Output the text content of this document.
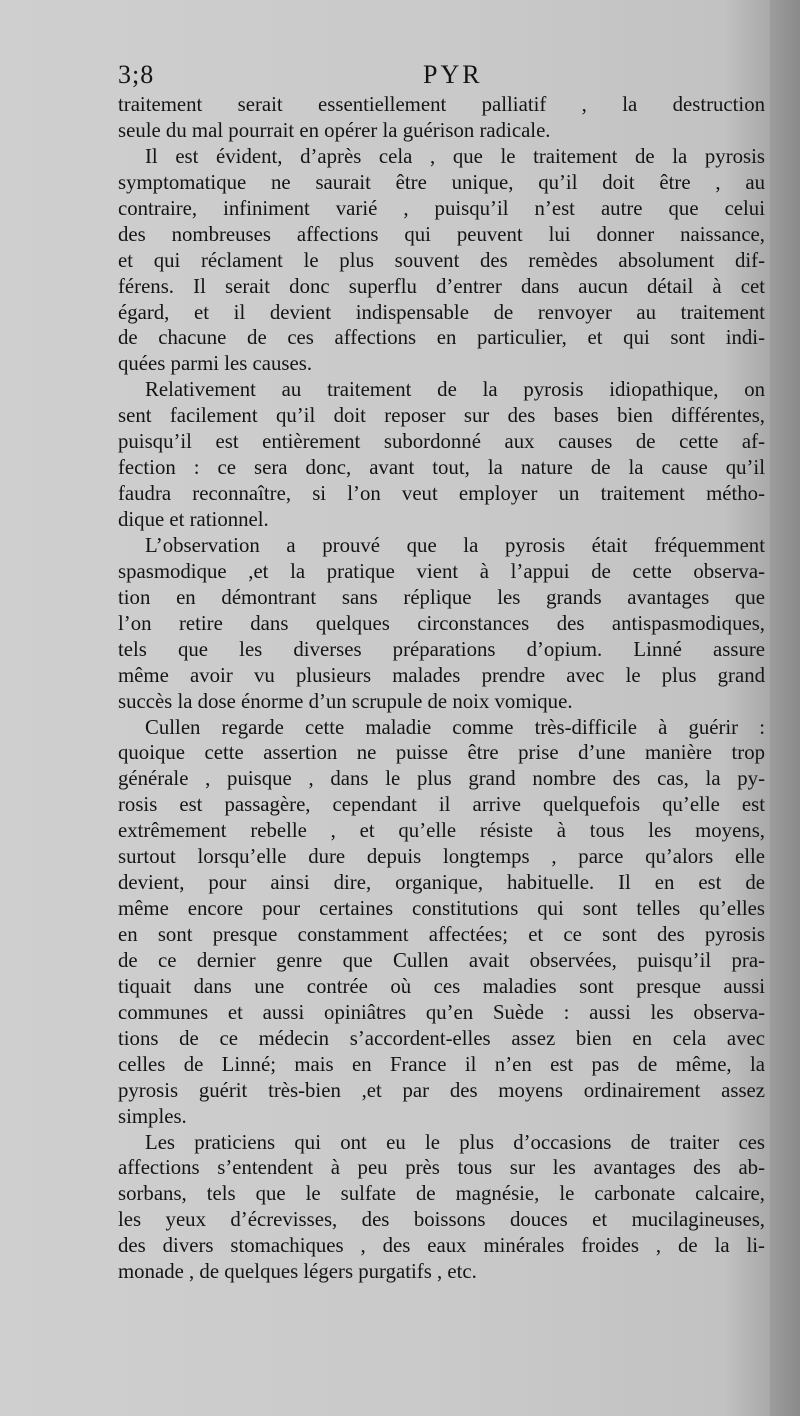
3;8	PYR
traitement serait essentiellement palliatif , la destruction
seule du mal pourrait en opérer la guérison radicale.
Il est évident, d’après cela , que le traitement de la pyrosis
symptomatique ne saurait être unique, qu’il doit être , au
contraire, infiniment varié , puisqu’il n’est autre que celui
des nombreuses affections qui peuvent lui donner naissance,
et qui réclament le plus souvent des remèdes absolument dif-
férens. Il serait donc superflu d’entrer dans aucun détail à cet
égard, et il devient indispensable de renvoyer au traitement
de chacune de ces affections en particulier, et qui sont indi-
quées parmi les causes.
Relativement au traitement de la pyrosis idiopathique, on
sent facilement qu’il doit reposer sur des bases bien différentes,
puisqu’il est entièrement subordonné aux causes de cette af-
fection : ce sera donc, avant tout, la nature de la cause qu’il
faudra reconnaître, si l’on veut employer un traitement métho-
dique et rationnel.
L’observation a prouvé que la pyrosis était fréquemment
spasmodique ,et la pratique vient à l’appui de cette observa-
tion en démontrant sans réplique les grands avantages que
l’on retire dans quelques circonstances des antispasmodiques,
tels que les diverses préparations d’opium. Linné assure
même avoir vu plusieurs malades prendre avec le plus grand
succès la dose énorme d’un scrupule de noix vomique.
Cullen regarde cette maladie comme très-difficile à guérir :
quoique cette assertion ne puisse être prise d’une manière trop
générale , puisque , dans le plus grand nombre des cas, la py-
rosis est passagère, cependant il arrive quelquefois qu’elle est
extrêmement rebelle , et qu’elle résiste à tous les moyens,
surtout lorsqu’elle dure depuis longtemps , parce qu’alors elle
devient, pour ainsi dire, organique, habituelle. Il en est de
même encore pour certaines constitutions qui sont telles qu’elles
en sont presque constamment affectées; et ce sont des pyrosis
de ce dernier genre que Cullen avait observées, puisqu’il pra-
tiquait dans une contrée où ces maladies sont presque aussi
communes et aussi opiniâtres qu’en Suède : aussi les observa-
tions de ce médecin s’accordent-elles assez bien en cela avec
celles de Linné; mais en France il n’en est pas de même, la
pyrosis guérit très-bien ,et par des moyens ordinairement assez
simples.
Les praticiens qui ont eu le plus d’occasions de traiter ces
affections s’entendent à peu près tous sur les avantages des ab-
sorbans, tels que le sulfate de magnésie, le carbonate calcaire,
les yeux d’écrevisses, des boissons douces et mucilagineuses,
des divers stomachiques , des eaux minérales froides , de la li-
monade , de quelques légers purgatifs , etc.
